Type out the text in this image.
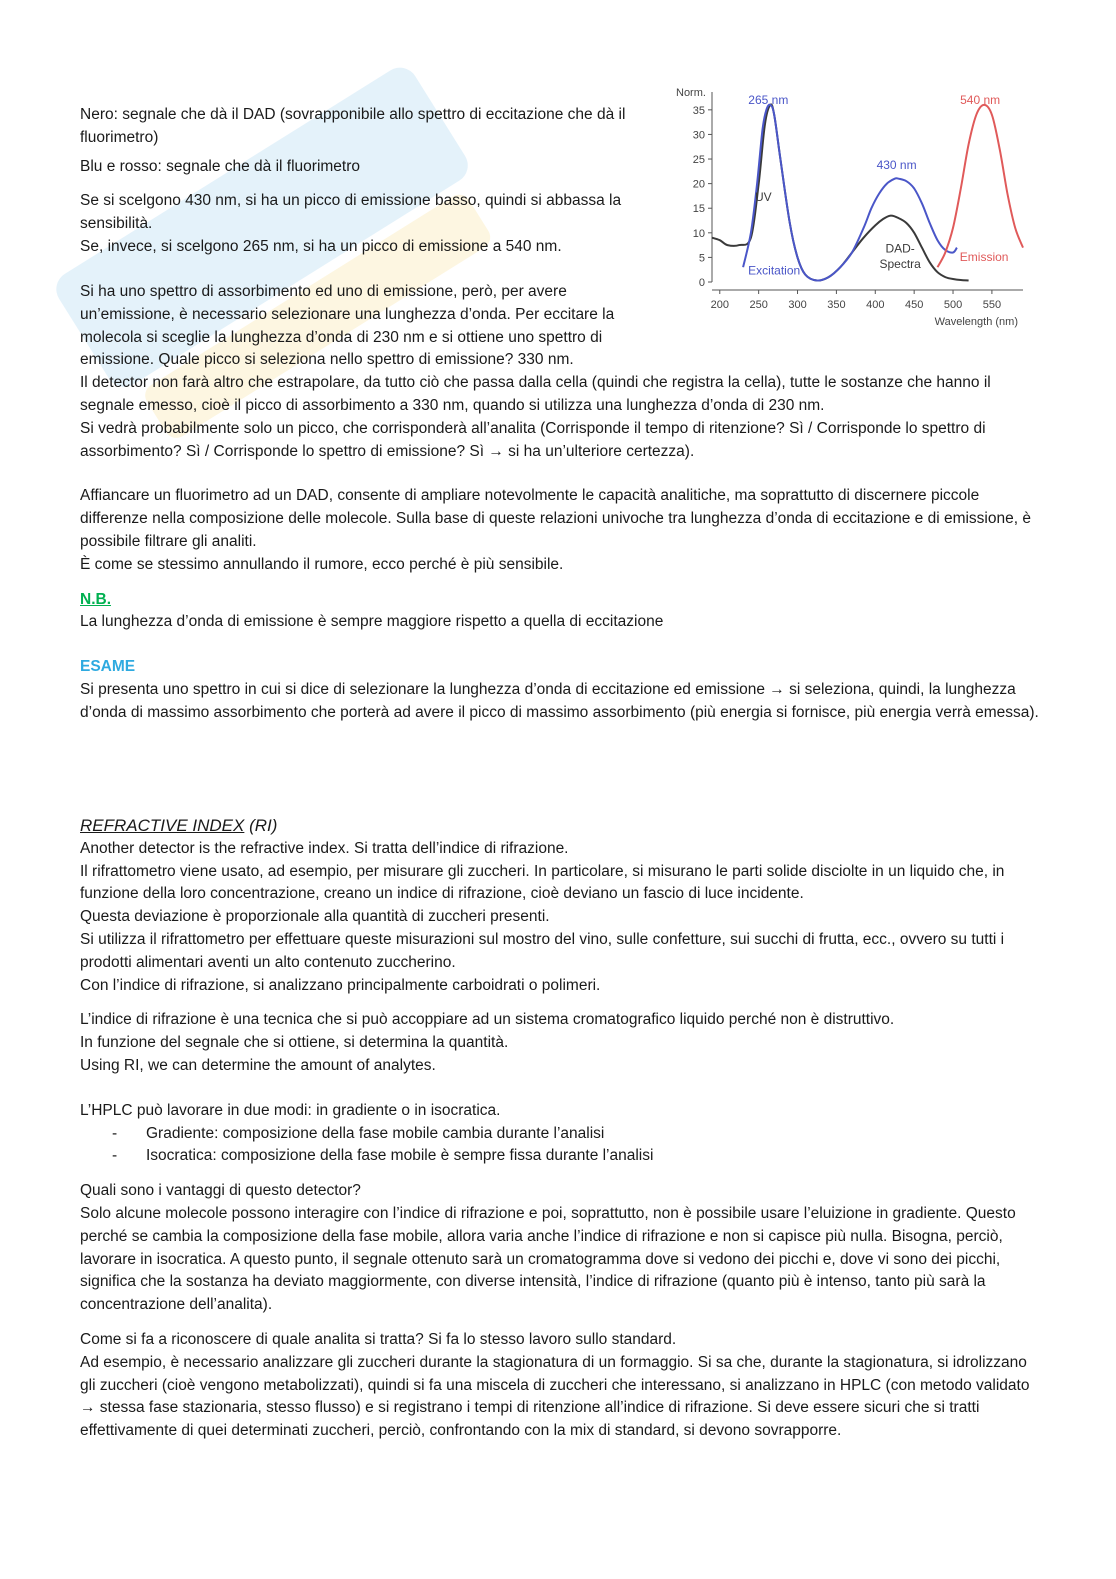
0
5
10
15
20
25
30
35
200 250 300 350 400 450 500 550
Norm.
Wavelength (nm)
265 nm	540 nm
430 nm
UV
Excitation
DAD-
Spectra
Emission

Nero: segnale che dà il DAD (sovrapponibile allo spettro di eccitazione che dà il fluorimetro)

Blu e rosso: segnale che dà il fluorimetro

Se si scelgono 430 nm, si ha un picco di emissione basso, quindi si abbassa la sensibilità.

Se, invece, si scelgono 265 nm, si ha un picco di emissione a 540 nm.

Si ha uno spettro di assorbimento ed uno di emissione, però, per avere un’emissione, è necessario selezionare una lunghezza d’onda. Per eccitare la molecola si sceglie la lunghezza d’onda di 230 nm e si ottiene uno spettro di emissione. Quale picco si seleziona nello spettro di emissione? 330 nm.

Il detector non farà altro che estrapolare, da tutto ciò che passa dalla cella (quindi che registra la cella), tutte le sostanze che hanno il segnale emesso, cioè il picco di assorbimento a 330 nm, quando si utilizza una lunghezza d’onda di 230 nm.

Si vedrà probabilmente solo un picco, che corrisponderà all’analita (Corrisponde il tempo di ritenzione? Sì / Corrisponde lo spettro di assorbimento? Sì / Corrisponde lo spettro di emissione? Sì → si ha un’ulteriore certezza).

Affiancare un fluorimetro ad un DAD, consente di ampliare notevolmente le capacità analitiche, ma soprattutto di discernere piccole differenze nella composizione delle molecole. Sulla base di queste relazioni univoche tra lunghezza d’onda di eccitazione e di emissione, è possibile filtrare gli analiti.

È come se stessimo annullando il rumore, ecco perché è più sensibile.

N.B.

La lunghezza d’onda di emissione è sempre maggiore rispetto a quella di eccitazione

ESAME

Si presenta uno spettro in cui si dice di selezionare la lunghezza d’onda di eccitazione ed emissione → si seleziona, quindi, la lunghezza d’onda di massimo assorbimento che porterà ad avere il picco di massimo assorbimento (più energia si fornisce, più energia verrà emessa).

REFRACTIVE INDEX (RI)

Another detector is the refractive index. Si tratta dell’indice di rifrazione.

Il rifrattometro viene usato, ad esempio, per misurare gli zuccheri. In particolare, si misurano le parti solide disciolte in un liquido che, in funzione della loro concentrazione, creano un indice di rifrazione, cioè deviano un fascio di luce incidente.

Questa deviazione è proporzionale alla quantità di zuccheri presenti.

Si utilizza il rifrattometro per effettuare queste misurazioni sul mostro del vino, sulle confetture, sui succhi di frutta, ecc., ovvero su tutti i prodotti alimentari aventi un alto contenuto zuccherino.

Con l’indice di rifrazione, si analizzano principalmente carboidrati o polimeri.

L’indice di rifrazione è una tecnica che si può accoppiare ad un sistema cromatografico liquido perché non è distruttivo.

In funzione del segnale che si ottiene, si determina la quantità.

Using RI, we can determine the amount of analytes.

L’HPLC può lavorare in due modi: in gradiente o in isocratica.

- Gradiente: composizione della fase mobile cambia durante l’analisi
- Isocratica: composizione della fase mobile è sempre fissa durante l’analisi

Quali sono i vantaggi di questo detector?

Solo alcune molecole possono interagire con l’indice di rifrazione e poi, soprattutto, non è possibile usare l’eluizione in gradiente. Questo perché se cambia la composizione della fase mobile, allora varia anche l’indice di rifrazione e non si capisce più nulla. Bisogna, perciò, lavorare in isocratica. A questo punto, il segnale ottenuto sarà un cromatogramma dove si vedono dei picchi e, dove vi sono dei picchi, significa che la sostanza ha deviato maggiormente, con diverse intensità, l’indice di rifrazione (quanto più è intenso, tanto più sarà la concentrazione dell’analita).

Come si fa a riconoscere di quale analita si tratta? Si fa lo stesso lavoro sullo standard.

Ad esempio, è necessario analizzare gli zuccheri durante la stagionatura di un formaggio. Si sa che, durante la stagionatura, si idrolizzano gli zuccheri (cioè vengono metabolizzati), quindi si fa una miscela di zuccheri che interessano, si analizzano in HPLC (con metodo validato → stessa fase stazionaria, stesso flusso) e si registrano i tempi di ritenzione all’indice di rifrazione. Si deve essere sicuri che si tratti effettivamente di quei determinati zuccheri, perciò, confrontando con la mix di standard, si devono sovrapporre.
